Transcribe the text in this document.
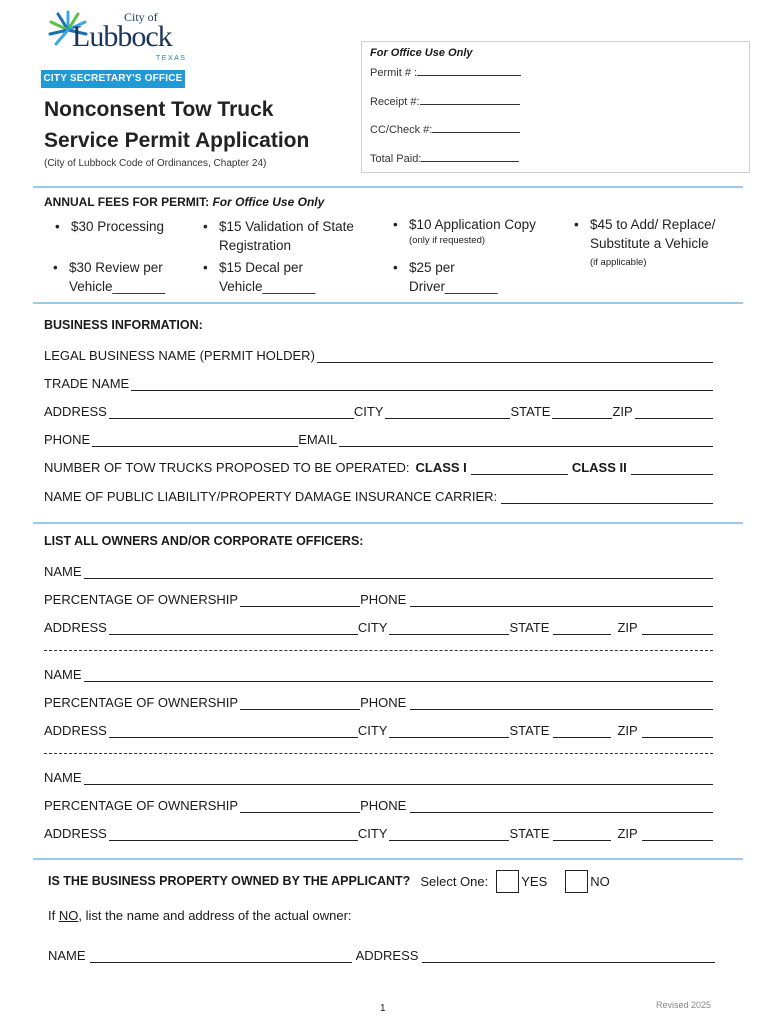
City of
Lubbock
TEXAS
CITY SECRETARY'S OFFICE
Nonconsent Tow Truck
Service Permit Application
(City of Lubbock Code of Ordinances, Chapter 24)
For Office Use Only
Permit # :
Receipt #:
CC/Check #:
Total Paid:
ANNUAL FEES FOR PERMIT: For Office Use Only
• $30 Processing	• $15 Validation of State Registration
• $10 Application Copy
(only if requested)
• $45 to Add/ Replace/ Substitute a Vehicle
(if applicable)
• $30 Review per Vehicle_______
• $15 Decal per Vehicle_______
• $25 per Driver_______
BUSINESS INFORMATION:
LEGAL BUSINESS NAME (PERMIT HOLDER)
TRADE NAME
ADDRESS	CITY	STATE	ZIP
PHONE	EMAIL
NUMBER OF TOW TRUCKS PROPOSED TO BE OPERATED: CLASS I	CLASS II
NAME OF PUBLIC LIABILITY/PROPERTY DAMAGE INSURANCE CARRIER:
LIST ALL OWNERS AND/OR CORPORATE OFFICERS:
NAME
PERCENTAGE OF OWNERSHIP	PHONE
ADDRESS	CITY	STATE	ZIP
NAME
PERCENTAGE OF OWNERSHIP	PHONE
ADDRESS	CITY	STATE	ZIP
NAME
PERCENTAGE OF OWNERSHIP	PHONE
ADDRESS	CITY	STATE	ZIP
IS THE BUSINESS PROPERTY OWNED BY THE APPLICANT? Select One:	YES	NO
If NO, list the name and address of the actual owner:
NAME	ADDRESS
1	Revised 2025
